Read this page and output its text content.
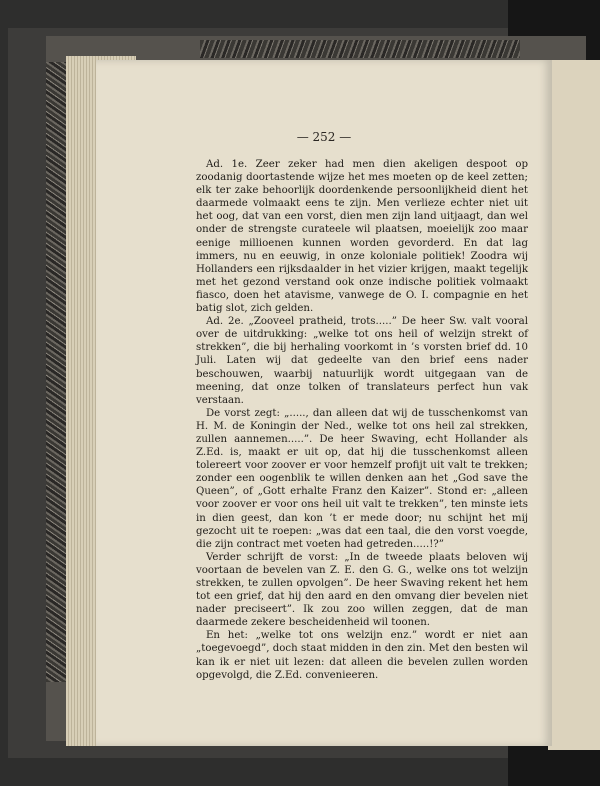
— 252 —

Ad. 1e. Zeer zeker had men dien akeligen despoot op zoodanig doortastende wijze het mes moeten op de keel zetten; elk ter zake behoorlijk doordenkende persoonlijkheid dient het daarmede volmaakt eens te zijn. Men verlieze echter niet uit het oog, dat van een vorst, dien men zijn land uitjaagt, dan wel onder de strengste curateele wil plaatsen, moeielijk zoo maar eenige millioenen kunnen worden gevorderd. En dat lag immers, nu en eeuwig, in onze koloniale politiek! Zoodra wij Hollanders een rijksdaalder in het vizier krijgen, maakt tegelijk met het gezond verstand ook onze indische politiek volmaakt fiasco, doen het atavisme, vanwege de O. I. compagnie en het batig slot, zich gelden.

Ad. 2e. „Zooveel pratheid, trots.....” De heer Sw. valt vooral over de uitdrukking: „welke tot ons heil of welzijn strekt of strekken”, die bij herhaling voorkomt in ’s vorsten brief dd. 10 Juli. Laten wij dat gedeelte van den brief eens nader beschouwen, waarbij natuurlijk wordt uitgegaan van de meening, dat onze tolken of translateurs perfect hun vak verstaan.

De vorst zegt: „....., dan alleen dat wij de tusschenkomst van H. M. de Koningin der Ned., welke tot ons heil zal strekken, zullen aannemen.....”. De heer Swaving, echt Hollander als Z.Ed. is, maakt er uit op, dat hij die tusschenkomst alleen tolereert voor zoover er voor hemzelf profijt uit valt te trekken; zonder een oogenblik te willen denken aan het „God save the Queen”, of „Gott erhalte Franz den Kaizer”. Stond er: „alleen voor zoover er voor ons heil uit valt te trekken”, ten minste iets in dien geest, dan kon ’t er mede door; nu schijnt het mij gezocht uit te roepen: „was dat een taal, die den vorst voegde, die zijn contract met voeten had getreden.....!?”

Verder schrijft de vorst: „In de tweede plaats beloven wij voortaan de bevelen van Z. E. den G. G., welke ons tot welzijn strekken, te zullen opvolgen”. De heer Swaving rekent het hem tot een grief, dat hij den aard en den omvang dier bevelen niet nader preciseert”. Ik zou zoo willen zeggen, dat de man daarmede zekere bescheidenheid wil toonen.

En het: „welke tot ons welzijn enz.” wordt er niet aan „toegevoegd”, doch staat midden in den zin. Met den besten wil kan ik er niet uit lezen: dat alleen die bevelen zullen worden opgevolgd, die Z.Ed. convenieeren.
